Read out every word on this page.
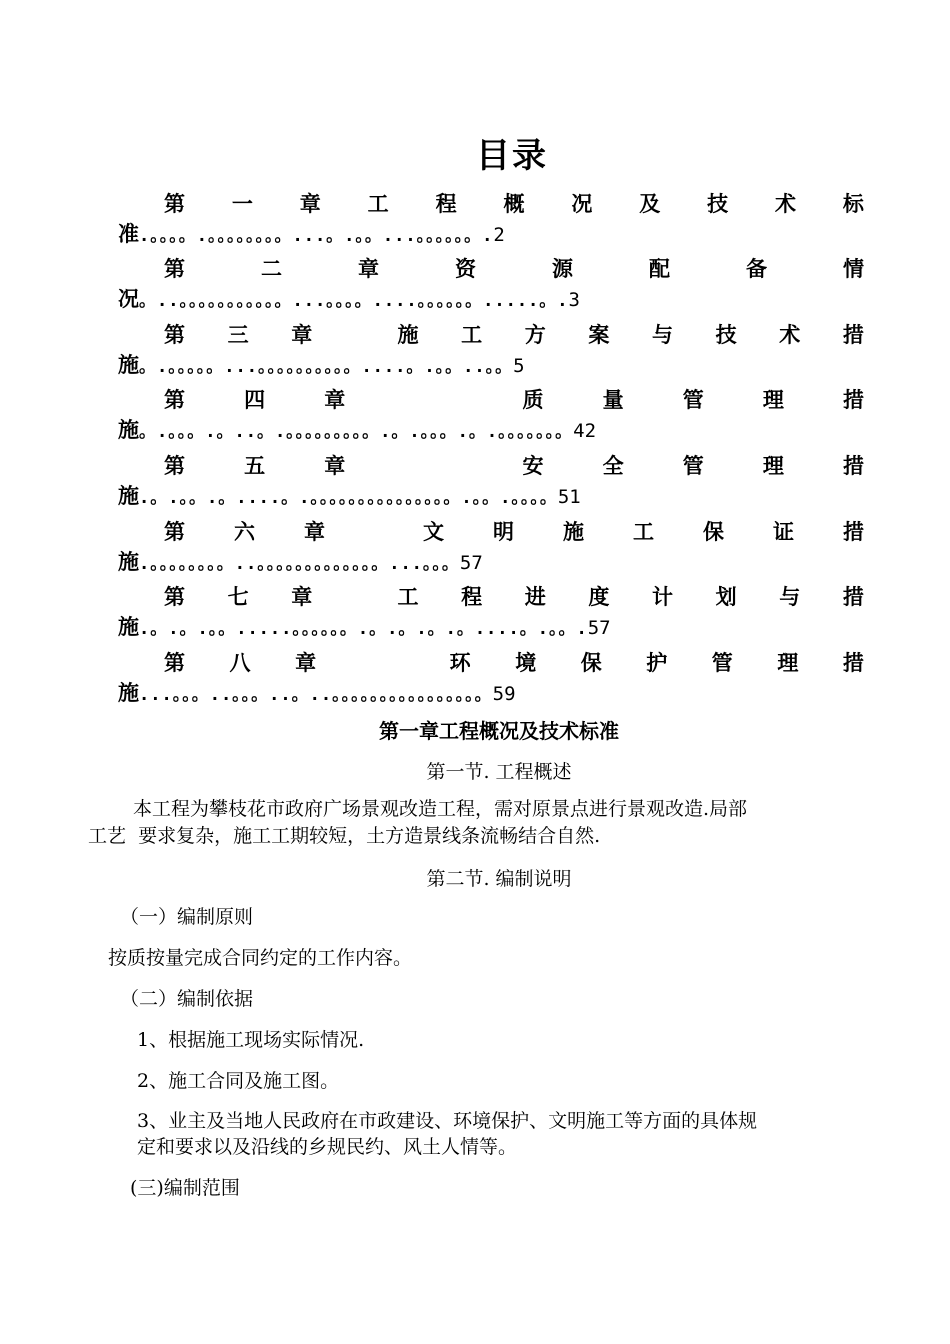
目录
第 一 章 工 程 概 况 及 技 术 标
准.。。。。.。。。。。。。。...。.。。...。。。。。。.2
第	二	章	资	源	配	备	情
况。..。。。。。。。。。。。...。。。。....。。。。。。.....。.3
第 三 章	施 工 方 案 与 技 术 措
施。.。。。。。...。。。。。。。。。。....。.。。..。。5
第	四	章	质	量	管	理	措
施。.。。。.。..。.。。。。。。。。。.。.。。。.。.。。。。。。。42
第	五	章	安	全	管	理	措
施.。.。。.。....。.。。。。。。。。。。。。。。。.。。.。。。。51
第 六 章	文 明 施 工 保 证 措
施.。。。。。。。。..。。。。。。。。。。。。。...。。。57
第 七 章	工 程 进 度 计 划 与 措
施.。.。.。。.....。。。。。。.。.。.。.。....。.。。.57
第 八 章	环 境 保 护 管 理 措
施...。。。..。。。..。..。。。。。。。。。。。。。。。。59
第一章工程概况及技术标准
第一节. 工程概述
本工程为攀枝花市政府广场景观改造工程，需对原景点进行景观改造.局部
工艺  要求复杂，施工工期较短，土方造景线条流畅结合自然.
第二节. 编制说明
（一）编制原则
按质按量完成合同约定的工作内容。
（二）编制依据
1、根据施工现场实际情况.
2、施工合同及施工图。
3、业主及当地人民政府在市政建设、环境保护、文明施工等方面的具体规
定和要求以及沿线的乡规民约、风土人情等。
(三)编制范围
